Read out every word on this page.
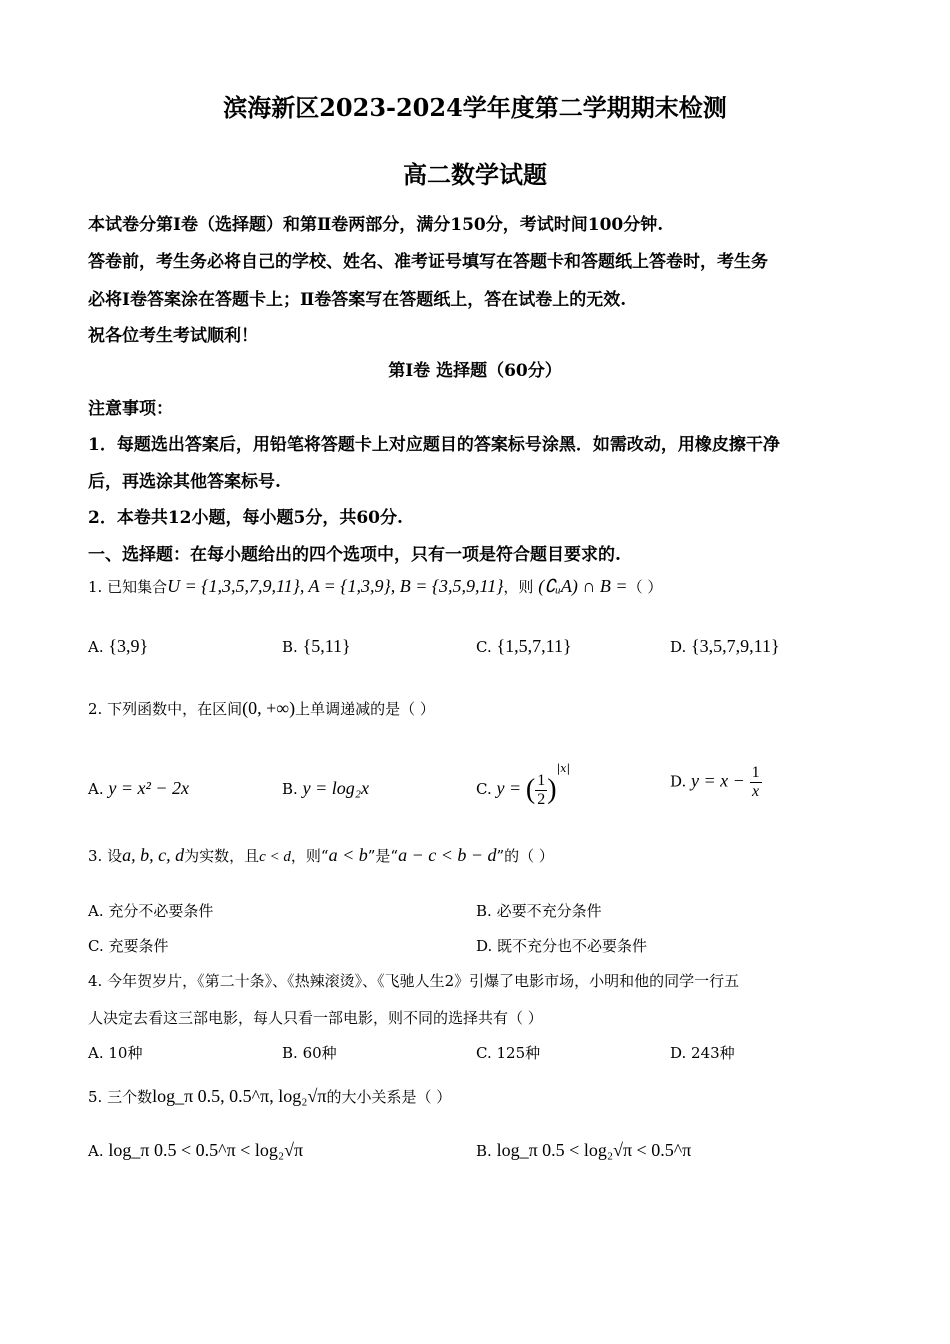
滨海新区2023-2024学年度第二学期期末检测
高二数学试题
本试卷分第Ⅰ卷（选择题）和第Ⅱ卷两部分，满分150分，考试时间100分钟.
答卷前，考生务必将自己的学校、姓名、准考证号填写在答题卡和答题纸上答卷时，考生务
必将Ⅰ卷答案涂在答题卡上；Ⅱ卷答案写在答题纸上，答在试卷上的无效.
祝各位考生考试顺利！
第Ⅰ卷 选择题（60分）
注意事项：
1．每题选出答案后，用铅笔将答题卡上对应题目的答案标号涂黑．如需改动，用橡皮擦干净
后，再选涂其他答案标号.
2．本卷共12小题，每小题5分，共60分.
一、选择题：在每小题给出的四个选项中，只有一项是符合题目要求的.
1. 已知集合U = {1,3,5,7,9,11}, A = {1,3,9}, B = {3,5,9,11}，则 (∁ᵤA) ∩ B =（ ）
A. {3,9}	B. {5,11}	C. {1,5,7,11}	D. {3,5,7,9,11}
2. 下列函数中，在区间(0, +∞)上单调递减的是（ ）
A. y = x² − 2x	B. y = log₂x	C. y = ( $\frac{1}{2} )^{|x|}$
D. $y = x - \frac{1}{x}$
3. 设a, b, c, d为实数，且c < d，则“a < b”是“a − c < b − d”的（ ）
A. 充分不必要条件	B. 必要不充分条件
C. 充要条件	D. 既不充分也不必要条件
4. 今年贺岁片，《第二十条》、《热辣滚烫》、《飞驰人生2》引爆了电影市场，小明和他的同学一行五
人决定去看这三部电影，每人只看一部电影，则不同的选择共有（ ）
A. 10种	B. 60种	C. 125种	D. 243种
5. 三个数log_π 0.5, 0.5^π, log₂√π的大小关系是（ ）
A. log_π 0.5 < 0.5^π < log₂√π	B. log_π 0.5 < log₂√π < 0.5^π
